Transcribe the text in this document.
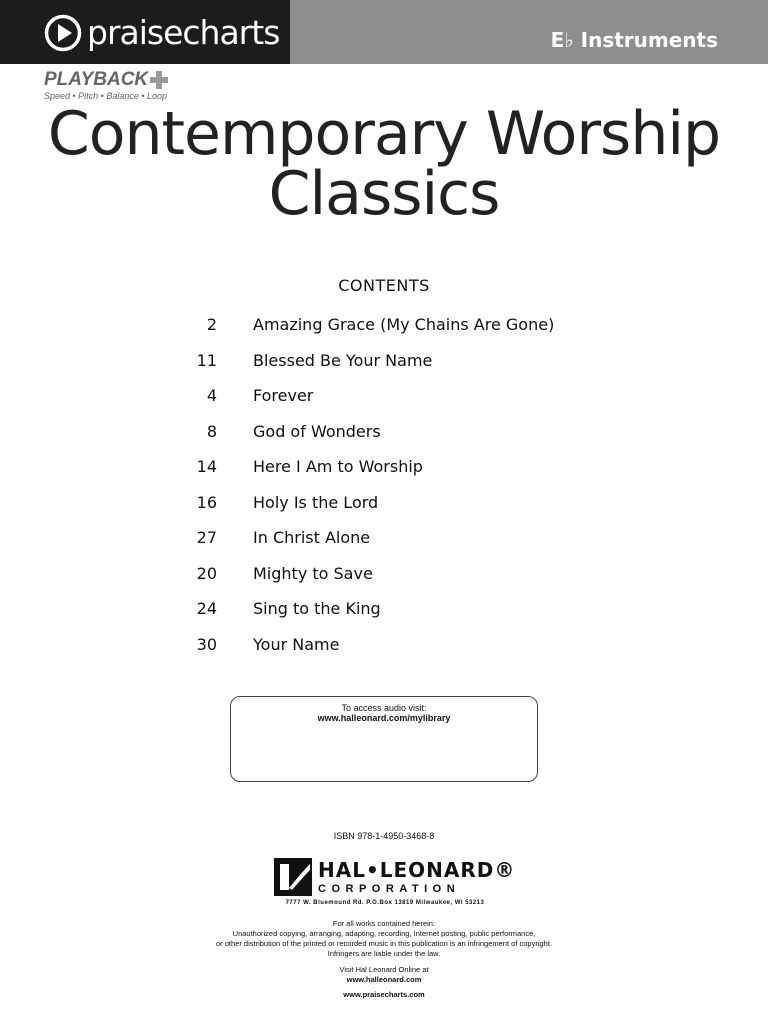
praisecharts	E♭ Instruments
PLAYBACK
Speed • Pitch • Balance • Loop
Contemporary Worship
Classics
CONTENTS
2 Amazing Grace (My Chains Are Gone)
11 Blessed Be Your Name
4 Forever
8 God of Wonders
14 Here I Am to Worship
16 Holy Is the Lord
27 In Christ Alone
20 Mighty to Save
24 Sing to the King
30 Your Name
To access audio visit:
www.halleonard.com/mylibrary
ISBN 978-1-4950-3468-8
HAL•LEONARD®
CORPORATION
7777 W. Bluemound Rd. P.O.Box 13819 Milwaukee, WI 53213
For all works contained herein:
Unauthorized copying, arranging, adapting, recording, Internet posting, public performance,
or other distribution of the printed or recorded music in this publication is an infringement of copyright.
Infringers are liable under the law.
Visit Hal Leonard Online at
www.halleonard.com
www.praisecharts.com
